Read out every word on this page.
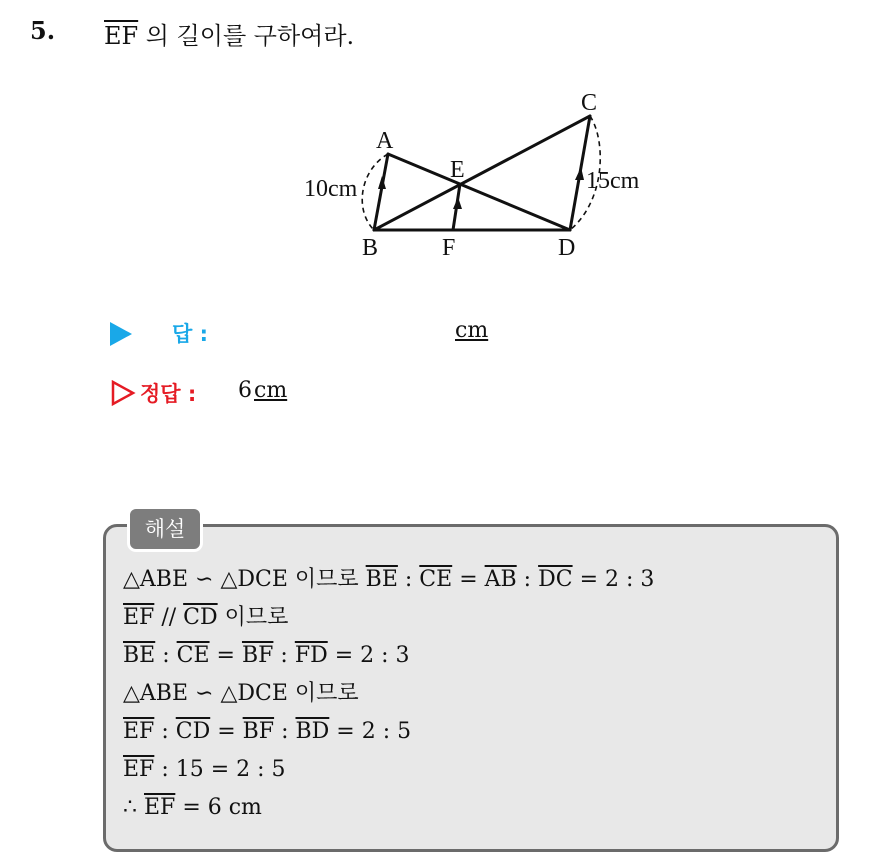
5. $\overline{EF}$ 의 길이를 구하여라.
A
B
C
D
E
F
10cm	15cm
답 :	cm
정답 : 6 cm
해설
△ABE ∽ △DCE 이므로 $\overline{BE}$ : $\overline{CE} = \overline{AB}$ : $\overline{DC} = 2$ : 3
$\overline{EF} // \overline{CD}$ 이므로
$\overline{BE}$ : $\overline{CE} = \overline{BF}$ : $\overline{FD} = 2$ : 3
△ABE ∽ △DCE 이므로
$\overline{EF}$ : $\overline{CD} = \overline{BF}$ : $\overline{BD} = 2$ : 5
$\overline{EF}$ : 15 = 2 : 5
∴ $\overline{EF} = 6$ cm
